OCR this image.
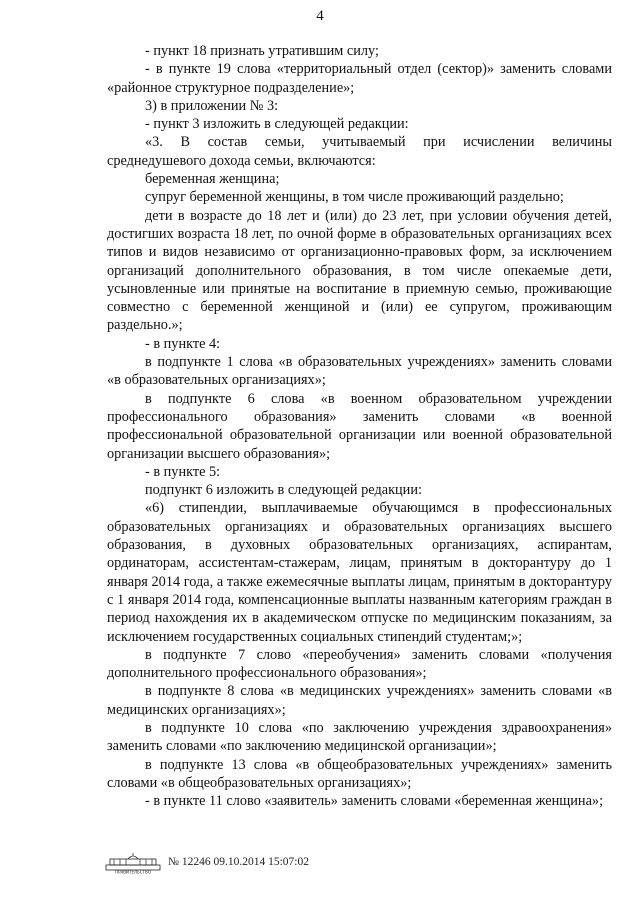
4

- пункт 18 признать утратившим силу;

- в пункте 19 слова «территориальный отдел (сектор)» заменить словами «районное структурное подразделение»;

3) в приложении № 3:

- пункт 3 изложить в следующей редакции:

«3. В состав семьи, учитываемый при исчислении величины среднедушевого дохода семьи, включаются:

беременная женщина;

супруг беременной женщины, в том числе проживающий раздельно;

дети в возрасте до 18 лет и (или) до 23 лет, при условии обучения детей, достигших возраста 18 лет, по очной форме в образовательных организациях всех типов и видов независимо от организационно-правовых форм, за исключением организаций дополнительного образования, в том числе опекаемые дети, усыновленные или принятые на воспитание в приемную семью, проживающие совместно с беременной женщиной и (или) ее супругом, проживающим раздельно.»;

- в пункте 4:

в подпункте 1 слова «в образовательных учреждениях» заменить словами «в образовательных организациях»;

в подпункте 6 слова «в военном образовательном учреждении профессионального образования» заменить словами «в военной профессиональной образовательной организации или военной образовательной организации высшего образования»;

- в пункте 5:

подпункт 6 изложить в следующей редакции:

«6) стипендии, выплачиваемые обучающимся в профессиональных образовательных организациях и образовательных организациях высшего образования, в духовных образовательных организациях, аспирантам, ординаторам, ассистентам-стажерам, лицам, принятым в докторантуру до 1 января 2014 года, а также ежемесячные выплаты лицам, принятым в докторантуру с 1 января 2014 года, компенсационные выплаты названным категориям граждан в период нахождения их в академическом отпуске по медицинским показаниям, за исключением государственных социальных стипендий студентам;»;

в подпункте 7 слово «переобучения» заменить словами «получения дополнительного профессионального образования»;

в подпункте 8 слова «в медицинских учреждениях» заменить словами «в медицинских организациях»;

в подпункте 10 слова «по заключению учреждения здравоохранения» заменить словами «по заключению медицинской организации»;

в подпункте 13 слова «в общеобразовательных учреждениях» заменить словами «в общеобразовательных организациях»;

- в пункте 11 слово «заявитель» заменить словами «беременная женщина»;

ПРАВИТЕЛЬСТВО
№ 12246 09.10.2014 15:07:02
